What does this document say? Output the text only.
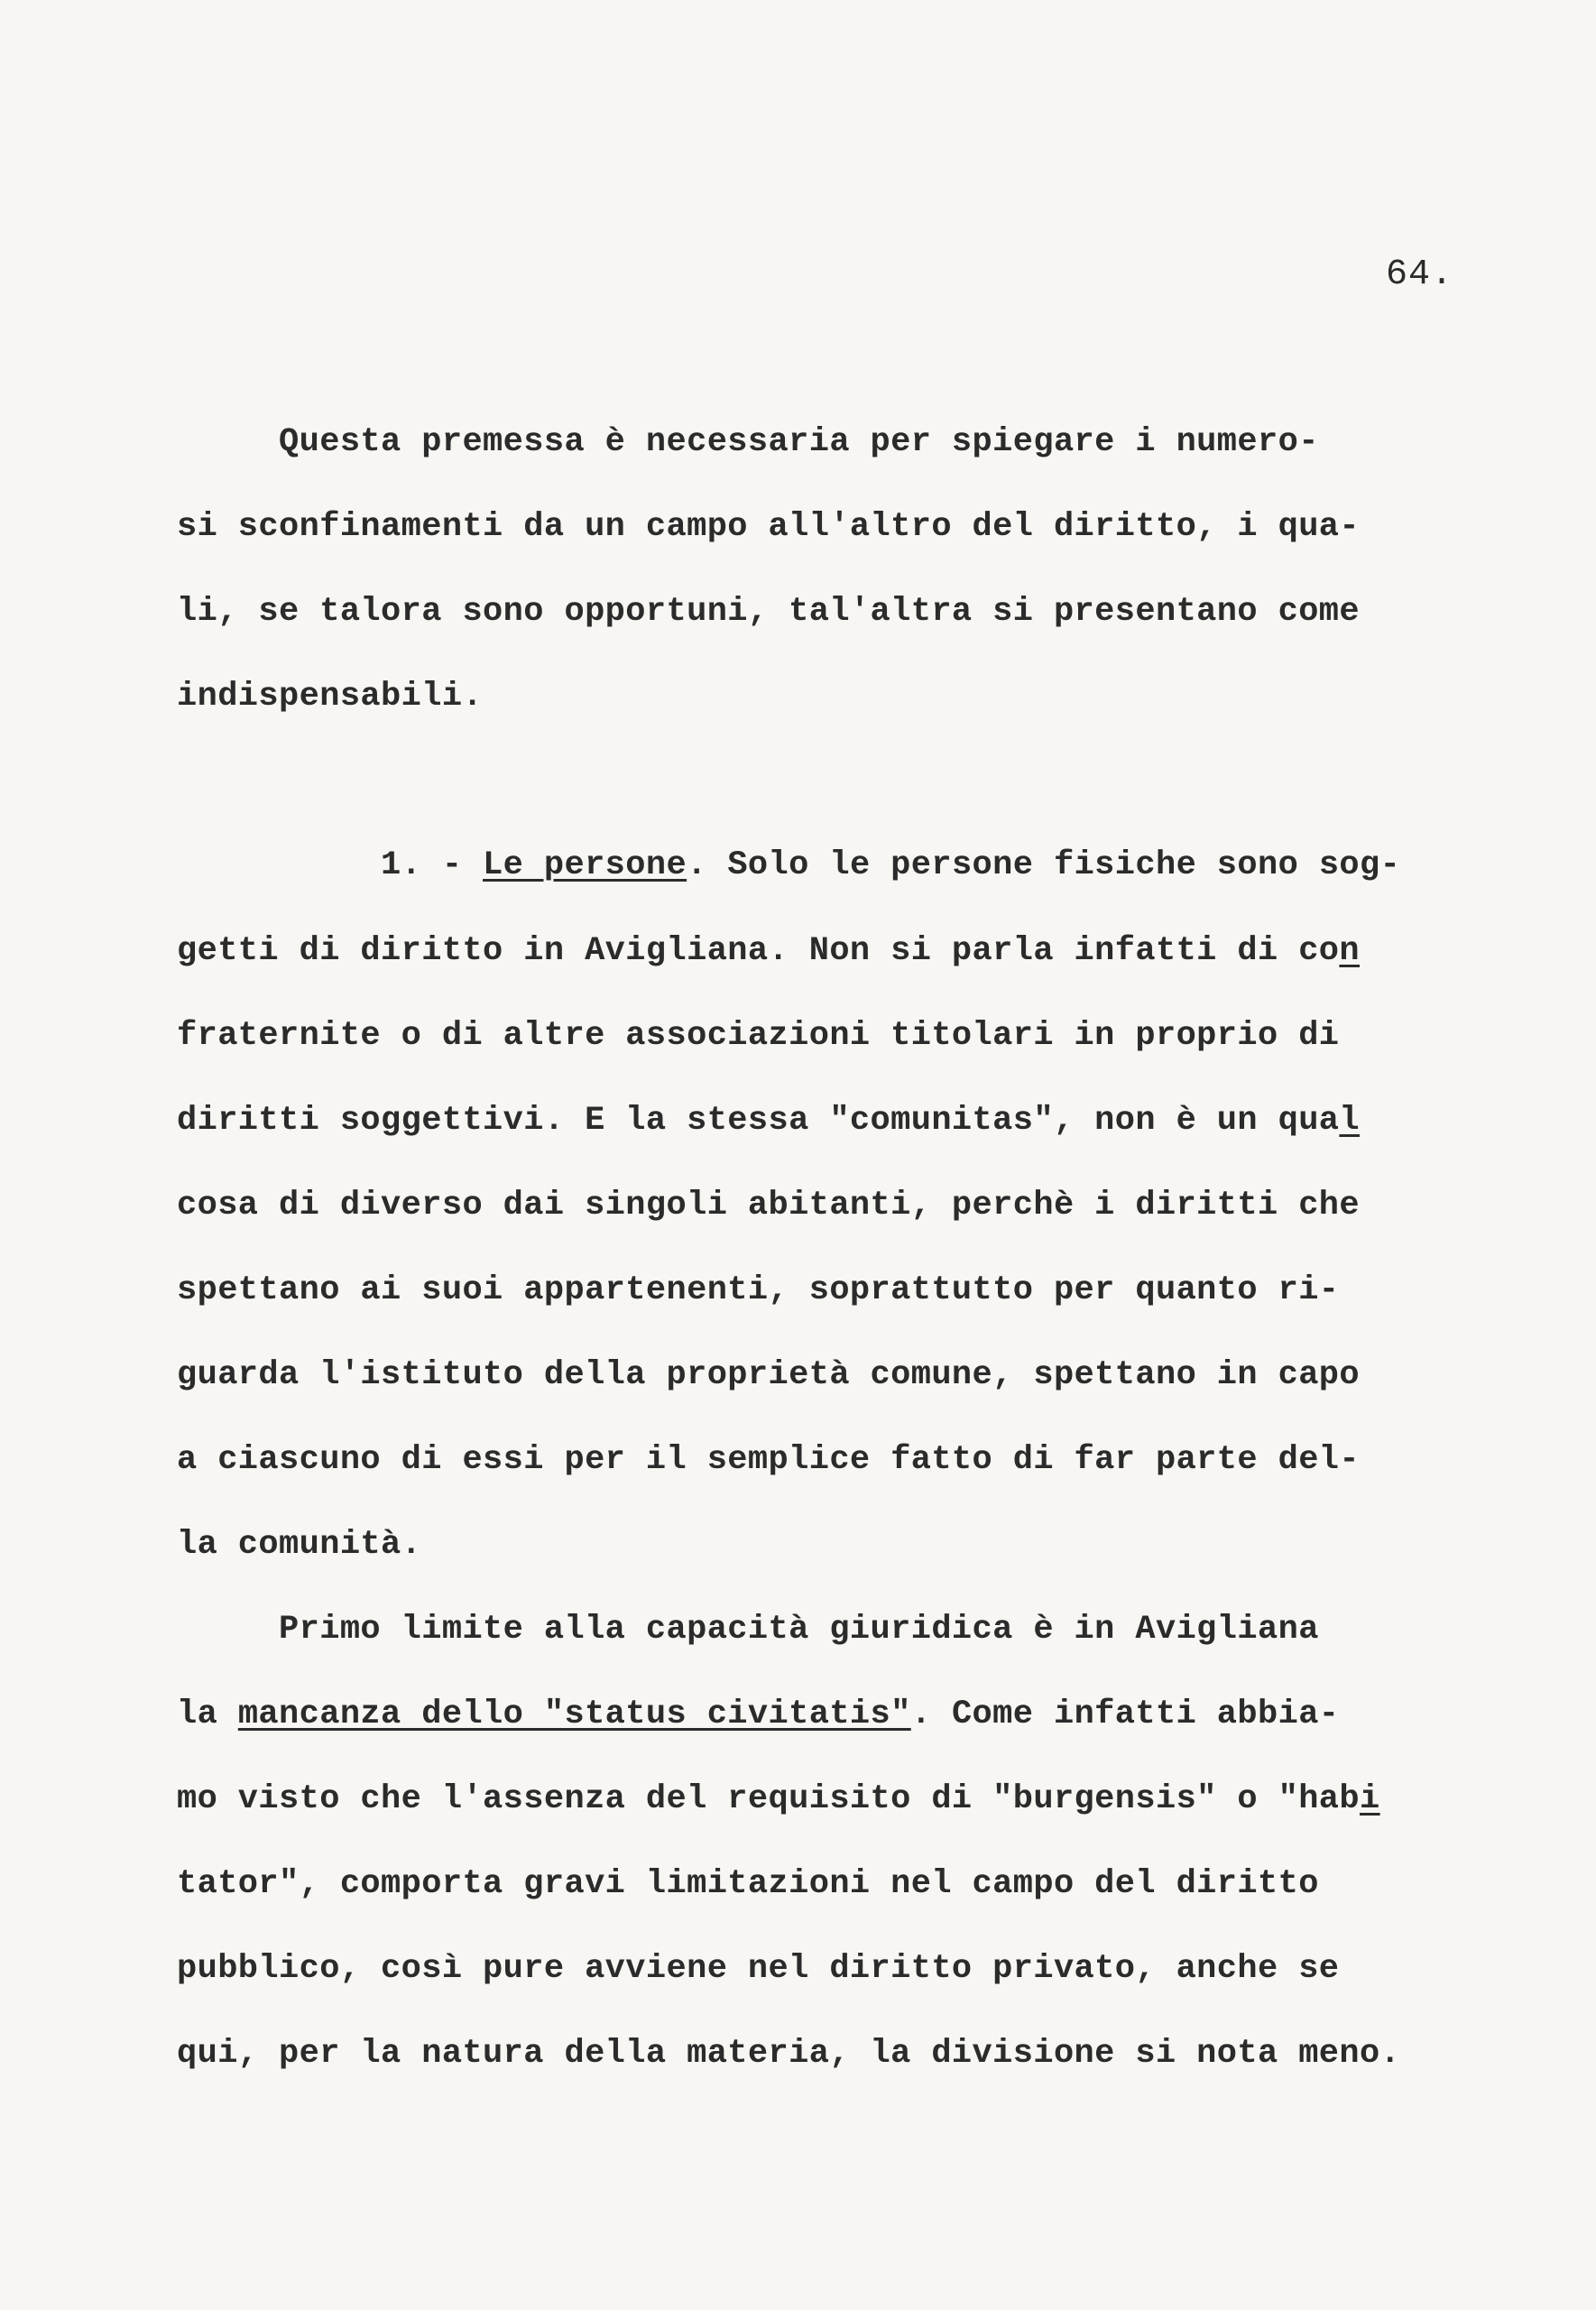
64.
Questa premessa è necessaria per spiegare i numero-
si sconfinamenti da un campo all'altro del diritto, i qua-
li, se talora sono opportuni, tal'altra si presentano come
indispensabili.
1. - Le persone. Solo le persone fisiche sono sog-
getti di diritto in Avigliana. Non si parla infatti di con
fraternite o di altre associazioni titolari in proprio di
diritti soggettivi. E la stessa "comunitas", non è un qual
cosa di diverso dai singoli abitanti, perchè i diritti che
spettano ai suoi appartenenti, soprattutto per quanto ri-
guarda l'istituto della proprietà comune, spettano in capo
a ciascuno di essi per il semplice fatto di far parte del-
la comunità.
Primo limite alla capacità giuridica è in Avigliana
la mancanza dello "status civitatis". Come infatti abbia-
mo visto che l'assenza del requisito di "burgensis" o "habi
tator", comporta gravi limitazioni nel campo del diritto
pubblico, così pure avviene nel diritto privato, anche se
qui, per la natura della materia, la divisione si nota meno.
